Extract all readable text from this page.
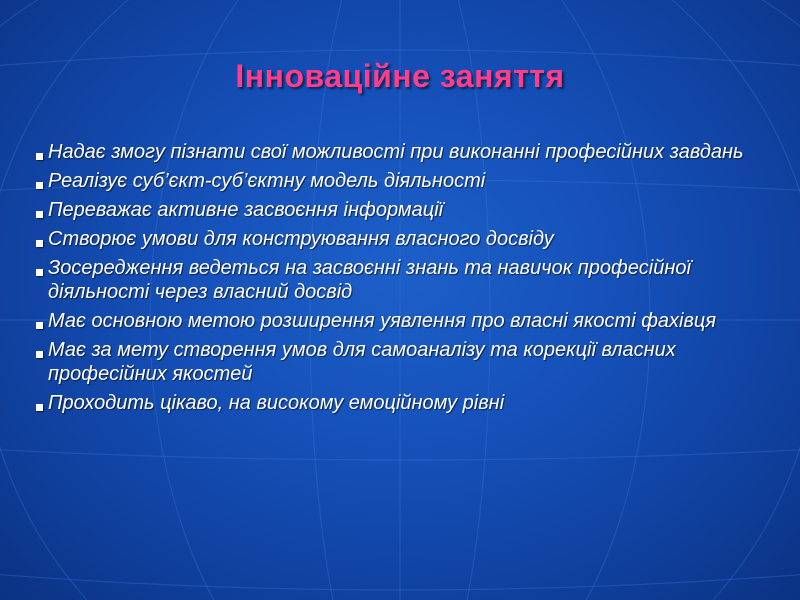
Інноваційне заняття
Надає змогу пізнати свої можливості при виконанні професійних завдань
Реалізує суб’єкт-суб’єктну модель діяльності
Переважає активне засвоєння інформації
Створює умови для конструювання власного досвіду
Зосередження ведеться на засвоєнні знань та навичок професійної діяльності через власний досвід
Має основною метою розширення уявлення про власні якості фахівця
Має за мету створення умов для самоаналізу та корекції власних професійних якостей
Проходить цікаво, на високому емоційному рівні
